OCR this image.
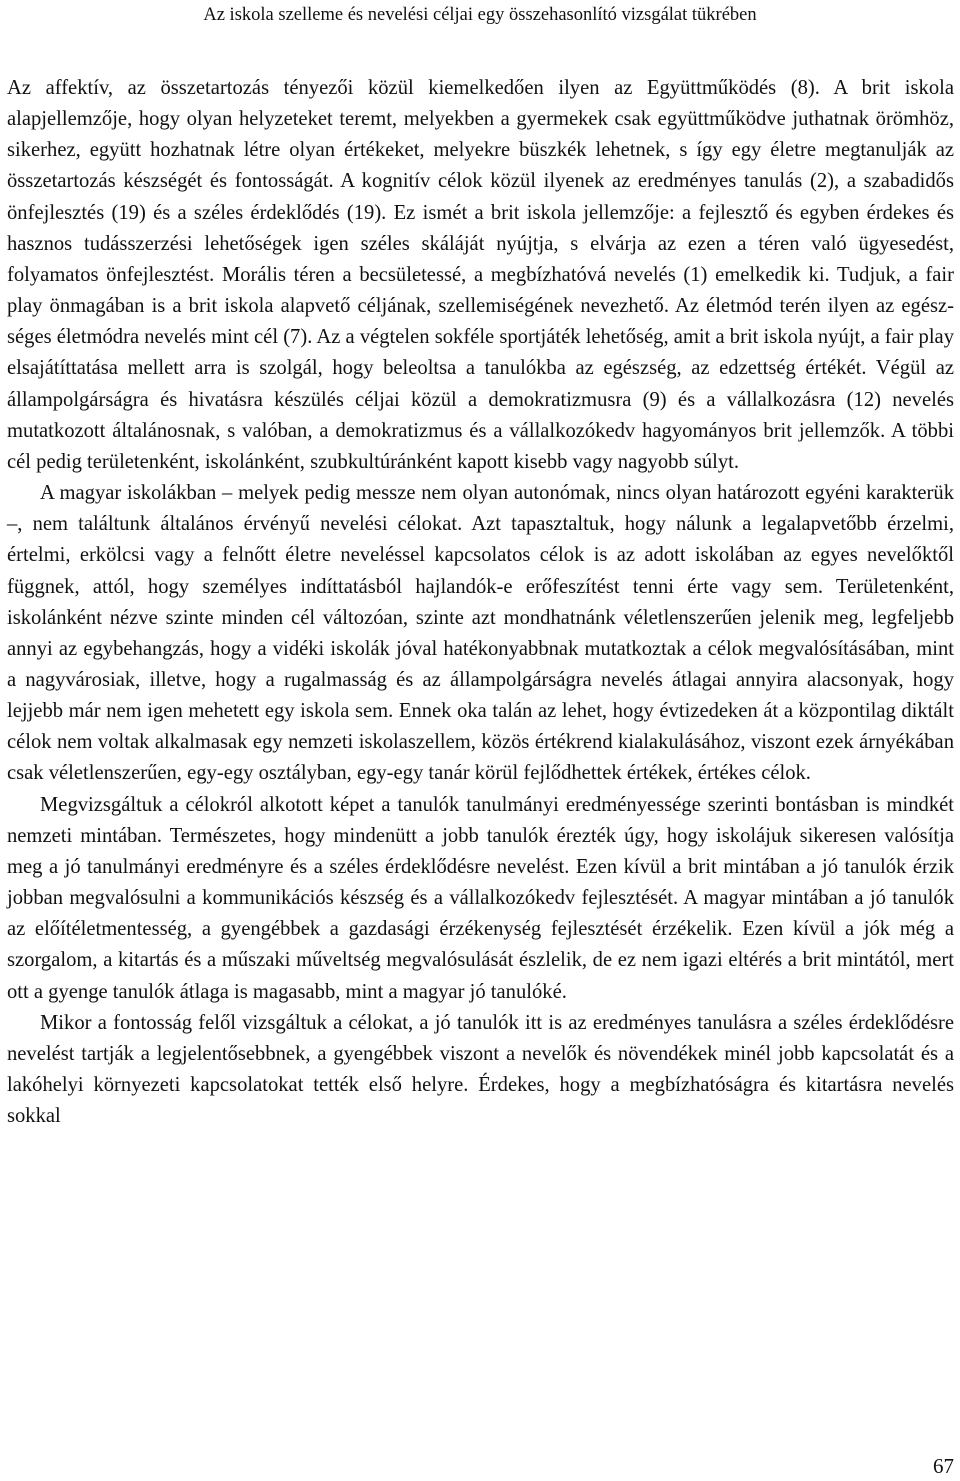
Az iskola szelleme és nevelési céljai egy összehasonlító vizsgálat tükrében

Az affektív, az összetartozás tényezői közül kiemelkedően ilyen az Együttműködés (8). A brit iskola alapjellemzője, hogy olyan helyzeteket teremt, melyekben a gyermekek csak együttműködve juthatnak örömhöz, sikerhez, együtt hozhatnak létre olyan értékeket, melyekre büszkék lehetnek, s így egy életre megtanulják az összetartozás készségét és fontosságát. A kognitív célok közül ilyenek az eredményes tanulás (2), a szabadidős önfejlesztés (19) és a széles érdeklődés (19). Ez ismét a brit iskola jellemzője: a fejlesztő és egyben érdekes és hasznos tudásszerzési lehetőségek igen széles skáláját nyújtja, s elvárja az ezen a téren való ügyesedést, folyamatos önfejlesztést. Morális téren a becsületessé, a megbízhatóvá nevelés (1) emelkedik ki. Tudjuk, a fair play önmagában is a brit iskola alapvető céljának, szellemiségének nevezhető. Az életmód terén ilyen az egészséges életmódra nevelés mint cél (7). Az a végtelen sokféle sportjáték lehetőség, amit a brit iskola nyújt, a fair play elsajátíttatása mellett arra is szolgál, hogy beleoltsa a tanulókba az egészség, az edzettség értékét. Végül az állampolgárságra és hivatásra készülés céljai közül a demokratizmusra (9) és a vállalkozásra (12) nevelés mutatkozott általánosnak, s valóban, a demokratizmus és a vállalkozókedv hagyományos brit jellemzők. A többi cél pedig területenként, iskolánként, szubkultúránként kapott kisebb vagy nagyobb súlyt.

A magyar iskolákban – melyek pedig messze nem olyan autonómak, nincs olyan határozott egyéni karakterük –, nem találtunk általános érvényű nevelési célokat. Azt tapasztaltuk, hogy nálunk a legalapvetőbb érzelmi, értelmi, erkölcsi vagy a felnőtt életre neveléssel kapcsolatos célok is az adott iskolában az egyes nevelőktől függnek, attól, hogy személyes indíttatásból hajlandók-e erőfeszítést tenni érte vagy sem. Területenként, iskolánként nézve szinte minden cél változóan, szinte azt mondhatnánk véletlenszerűen jelenik meg, legfeljebb annyi az egybehangzás, hogy a vidéki iskolák jóval hatékonyabbnak mutatkoztak a célok megvalósításában, mint a nagyvárosiak, illetve, hogy a rugalmasság és az állampolgárságra nevelés átlagai annyira alacsonyak, hogy lejjebb már nem igen mehetett egy iskola sem. Ennek oka talán az lehet, hogy évtizedeken át a központilag diktált célok nem voltak alkalmasak egy nemzeti iskolaszellem, közös értékrend kialakulásához, viszont ezek árnyékában csak véletlenszerűen, egy-egy osztályban, egy-egy tanár körül fejlődhettek értékek, értékes célok.

Megvizsgáltuk a célokról alkotott képet a tanulók tanulmányi eredményessége szerinti bontásban is mindkét nemzeti mintában. Természetes, hogy mindenütt a jobb tanulók érezték úgy, hogy iskolájuk sikeresen valósítja meg a jó tanulmányi eredményre és a széles érdeklődésre nevelést. Ezen kívül a brit mintában a jó tanulók érzik jobban megvalósulni a kommunikációs készség és a vállalkozókedv fejlesztését. A magyar mintában a jó tanulók az előítéletmentesség, a gyengébbek a gazdasági érzékenység fejlesztését érzékelik. Ezen kívül a jók még a szorgalom, a kitartás és a műszaki műveltség megvalósulását észlelik, de ez nem igazi eltérés a brit mintától, mert ott a gyenge tanulók átlaga is magasabb, mint a magyar jó tanulóké.

Mikor a fontosság felől vizsgáltuk a célokat, a jó tanulók itt is az eredményes tanulásra a széles érdeklődésre nevelést tartják a legjelentősebbnek, a gyengébbek viszont a nevelők és növendékek minél jobb kapcsolatát és a lakóhelyi környezeti kapcsolatokat tették első helyre. Érdekes, hogy a megbízhatóságra és kitartásra nevelés sokkal

67
